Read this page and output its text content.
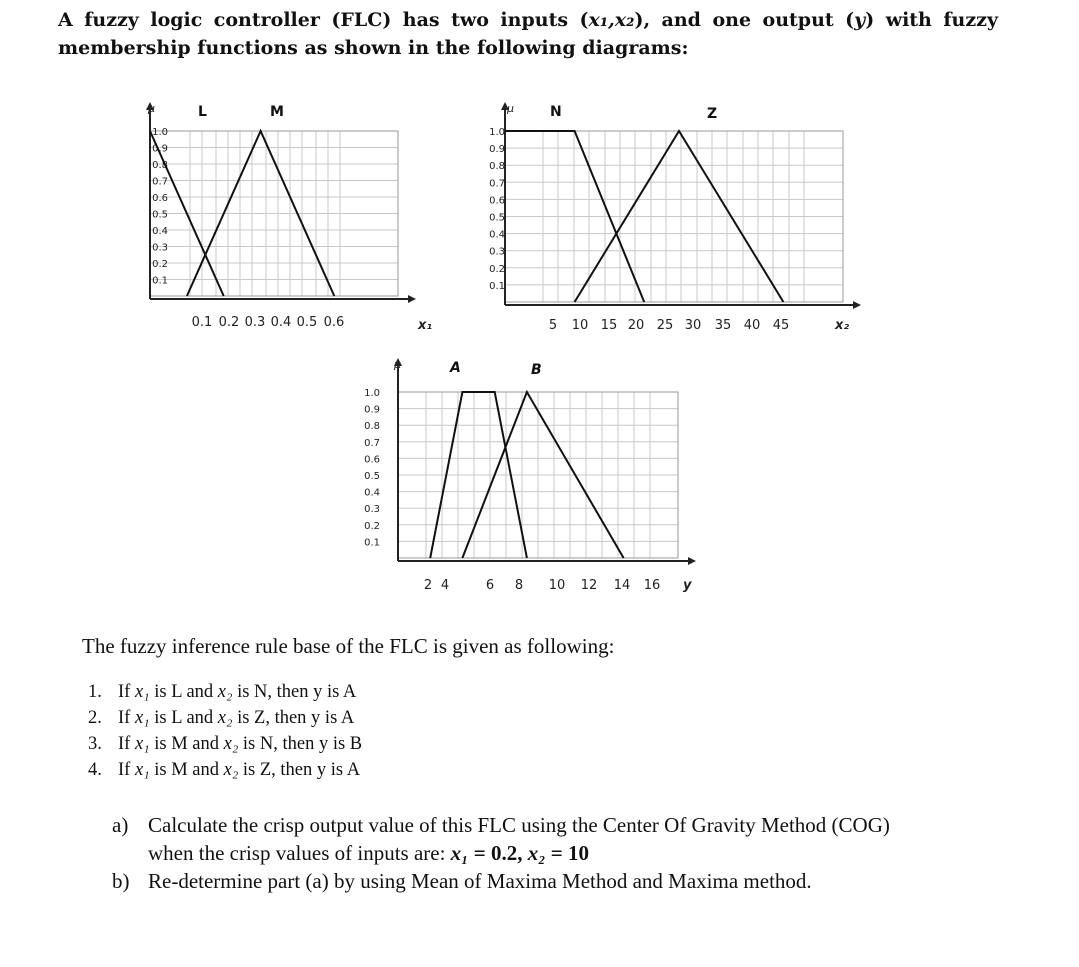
A fuzzy logic controller (FLC) has two inputs (x₁,x₂), and one output (y) with fuzzy membership functions as shown in the following diagrams:
0.1
0.2
0.3
0.4
0.5
0.6
0.7
0.8
0.9
1.0
μ
0.1 0.2 0.3 0.4 0.5 0.6	x₁
L	M
0.1
0.2
0.3
0.4
0.5
0.6
0.7
0.8
0.9
1.0
μ
5 10 15 20 25 30 35 40 45	x₂
N	Z
0.1
0.2
0.3
0.4
0.5
0.6
0.7
0.8
0.9
1.0
μ
2 4	6 8 10 12 14 16 y
A	B
The fuzzy inference rule base of the FLC is given as following:
1. If x₁ is L and x₂ is N, then y is A
2. If x₁ is L and x₂ is Z, then y is A
3. If x₁ is M and x₂ is N, then y is B
4. If x₁ is M and x₂ is Z, then y is A
a) Calculate the crisp output value of this FLC using the Center Of Gravity Method (COG)
when the crisp values of inputs are: x₁ = 0.2, x₂ = 10
b) Re-determine part (a) by using Mean of Maxima Method and Maxima method.
